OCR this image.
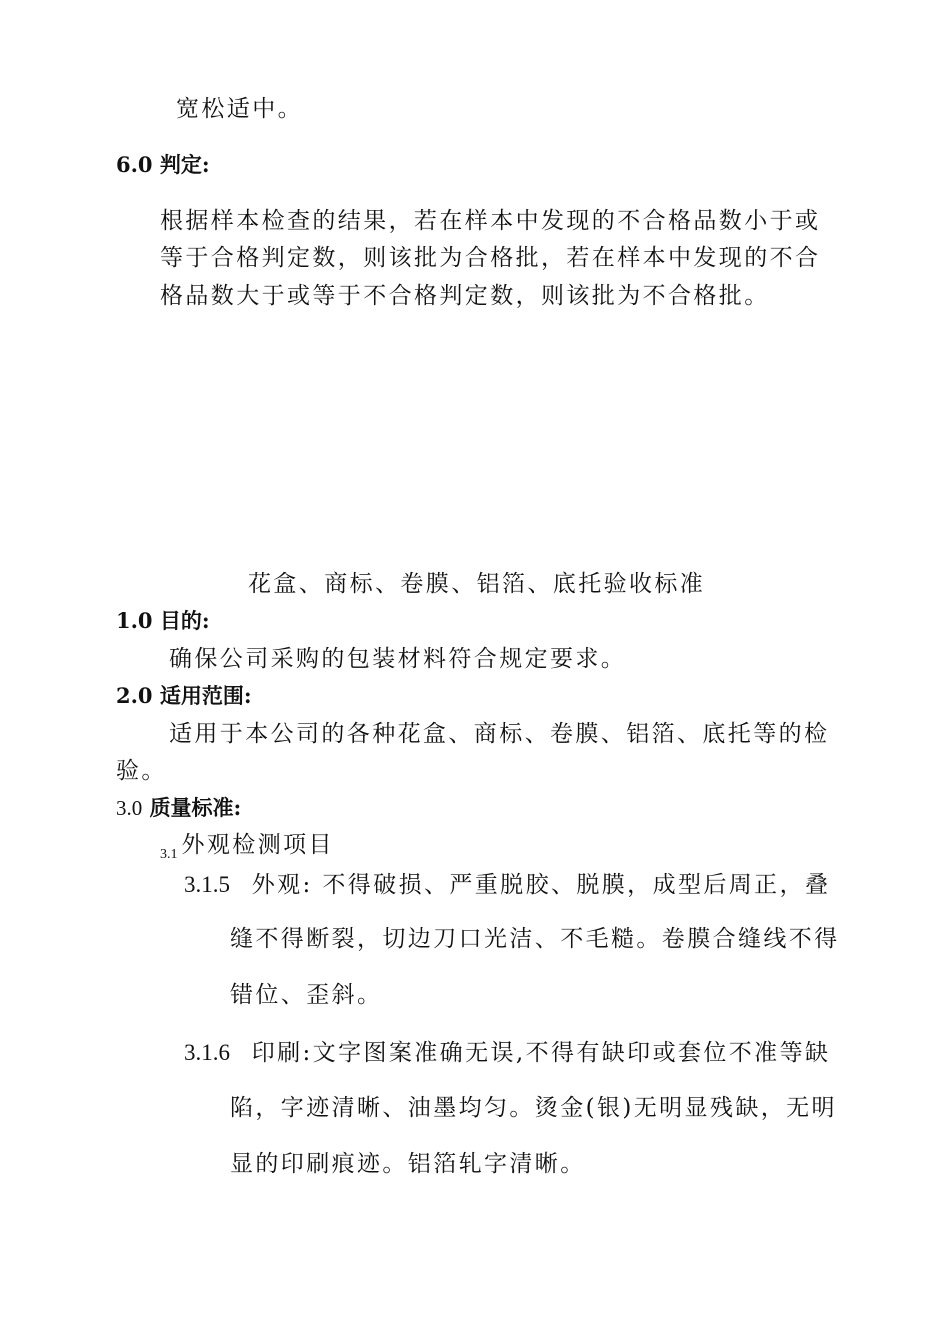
宽松适中。
6.0 判定:
根据样本检查的结果，若在样本中发现的不合格品数小于或
等于合格判定数，则该批为合格批，若在样本中发现的不合
格品数大于或等于不合格判定数，则该批为不合格批。
花盒、商标、卷膜、铝箔、底托验收标准
1.0 目的:
确保公司采购的包装材料符合规定要求。
2.0 适用范围:
适用于本公司的各种花盒、商标、卷膜、铝箔、底托等的检
验。
3.0 质量标准:
$_{3.1}$ 外观检测项目
3.1.5 外观: 不得破损、严重脱胶、脱膜，成型后周正，叠
缝不得断裂，切边刀口光洁、不毛糙。卷膜合缝线不得
错位、歪斜。
3.1.6 印刷:文字图案准确无误,不得有缺印或套位不准等缺
陷，字迹清晰、油墨均匀。烫金(银)无明显残缺，无明
显的印刷痕迹。铝箔轧字清晰。
